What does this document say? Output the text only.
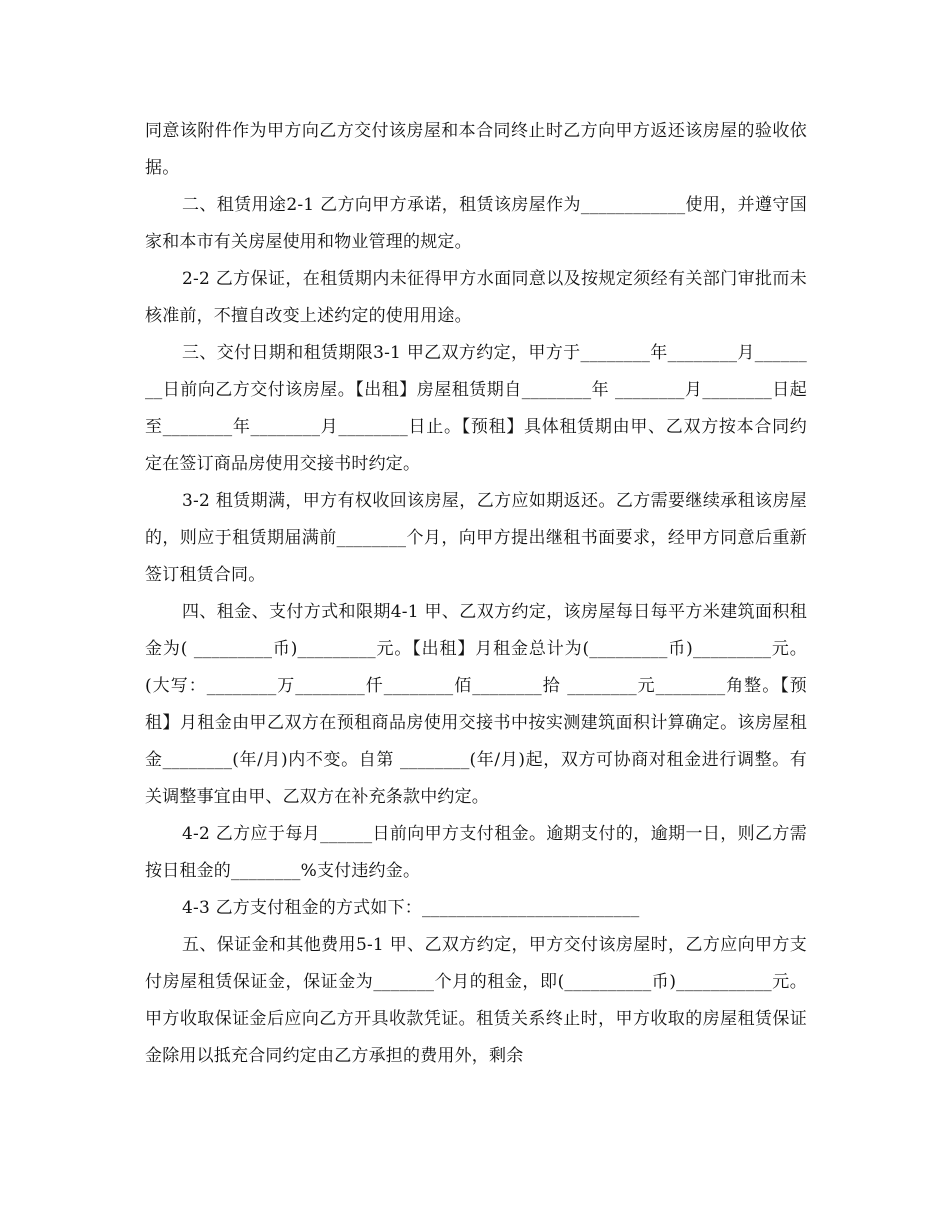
同意该附件作为甲方向乙方交付该房屋和本合同终止时乙方向甲方返还该房屋的验收依据。

二、租赁用途2-1 乙方向甲方承诺，租赁该房屋作为____________使用，并遵守国家和本市有关房屋使用和物业管理的规定。

2-2 乙方保证，在租赁期内未征得甲方水面同意以及按规定须经有关部门审批而未核准前，不擅自改变上述约定的使用用途。

三、交付日期和租赁期限3-1 甲乙双方约定，甲方于________年________月________日前向乙方交付该房屋。【出租】房屋租赁期自________年 ________月________日起至________年________月________日止。【预租】具体租赁期由甲、乙双方按本合同约定在签订商品房使用交接书时约定。

3-2 租赁期满，甲方有权收回该房屋，乙方应如期返还。乙方需要继续承租该房屋的，则应于租赁期届满前________个月，向甲方提出继租书面要求，经甲方同意后重新签订租赁合同。

四、租金、支付方式和限期4-1 甲、乙双方约定，该房屋每日每平方米建筑面积租金为( _________币)_________元。【出租】月租金总计为(_________币)_________元。(大写：________万________仟________佰________拾 ________元________角整。【预租】月租金由甲乙双方在预租商品房使用交接书中按实测建筑面积计算确定。该房屋租金________(年/月)内不变。自第 ________(年/月)起，双方可协商对租金进行调整。有关调整事宜由甲、乙双方在补充条款中约定。

4-2 乙方应于每月______日前向甲方支付租金。逾期支付的，逾期一日，则乙方需按日租金的________%支付违约金。

4-3 乙方支付租金的方式如下：_________________________

五、保证金和其他费用5-1 甲、乙双方约定，甲方交付该房屋时，乙方应向甲方支付房屋租赁保证金，保证金为_______个月的租金，即(__________币)___________元。甲方收取保证金后应向乙方开具收款凭证。租赁关系终止时，甲方收取的房屋租赁保证金除用以抵充合同约定由乙方承担的费用外，剩余
